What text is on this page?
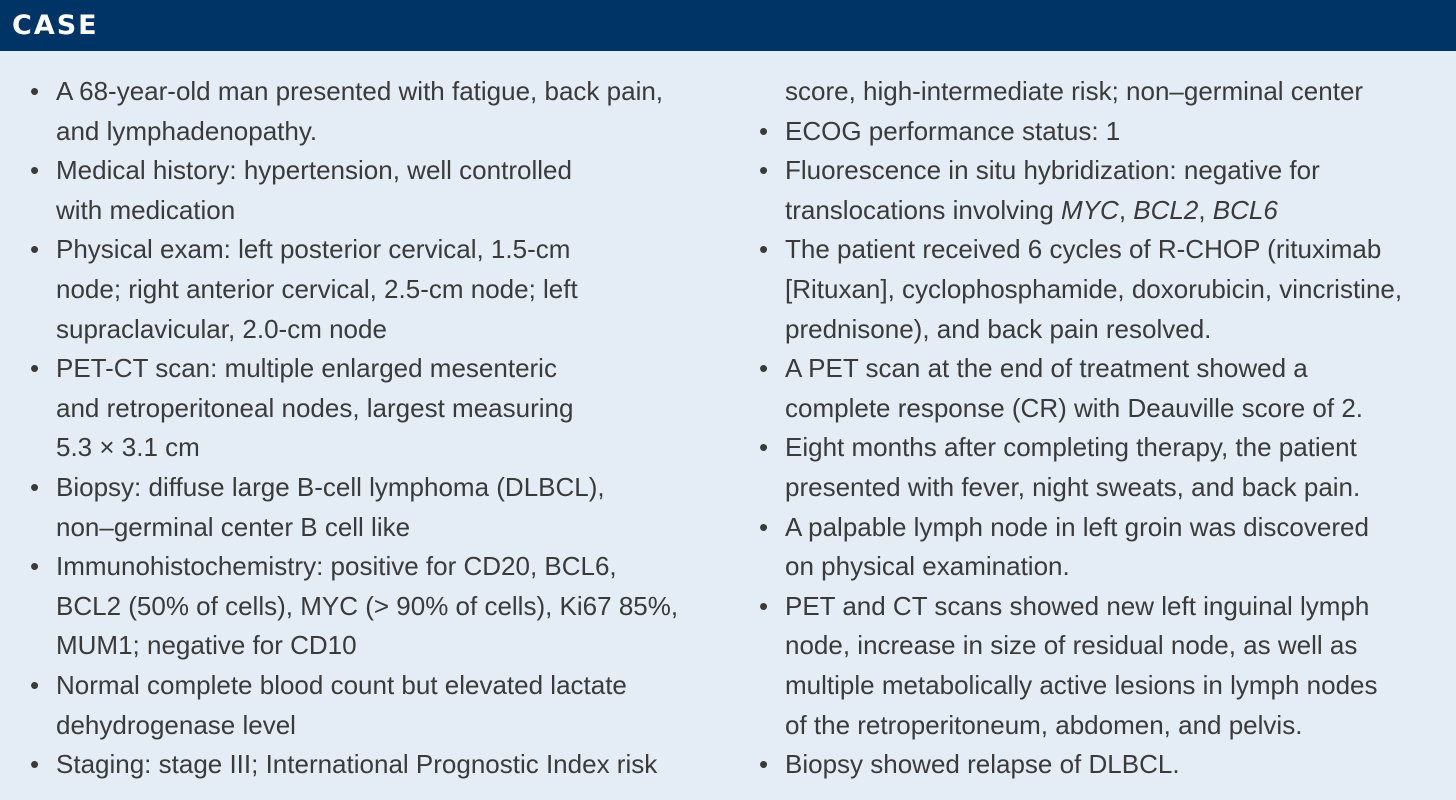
CASE
• A 68-year-old man presented with fatigue, back pain,
and lymphadenopathy.
• Medical history: hypertension, well controlled
with medication
• Physical exam: left posterior cervical, 1.5-cm
node; right anterior cervical, 2.5-cm node; left
supraclavicular, 2.0-cm node
• PET-CT scan: multiple enlarged mesenteric
and retroperitoneal nodes, largest measuring
5.3 × 3.1 cm
• Biopsy: diffuse large B-cell lymphoma (DLBCL),
non–germinal center B cell like
• Immunohistochemistry: positive for CD20, BCL6,
BCL2 (50% of cells), MYC (> 90% of cells), Ki67 85%,
MUM1; negative for CD10
• Normal complete blood count but elevated lactate
dehydrogenase level
• Staging: stage III; International Prognostic Index risk
score, high-intermediate risk; non–germinal center
• ECOG performance status: 1
• Fluorescence in situ hybridization: negative for
translocations involving MYC, BCL2, BCL6
• The patient received 6 cycles of R-CHOP (rituximab
[Rituxan], cyclophosphamide, doxorubicin, vincristine,
prednisone), and back pain resolved.
• A PET scan at the end of treatment showed a
complete response (CR) with Deauville score of 2.
• Eight months after completing therapy, the patient
presented with fever, night sweats, and back pain.
• A palpable lymph node in left groin was discovered
on physical examination.
• PET and CT scans showed new left inguinal lymph
node, increase in size of residual node, as well as
multiple metabolically active lesions in lymph nodes
of the retroperitoneum, abdomen, and pelvis.
• Biopsy showed relapse of DLBCL.
